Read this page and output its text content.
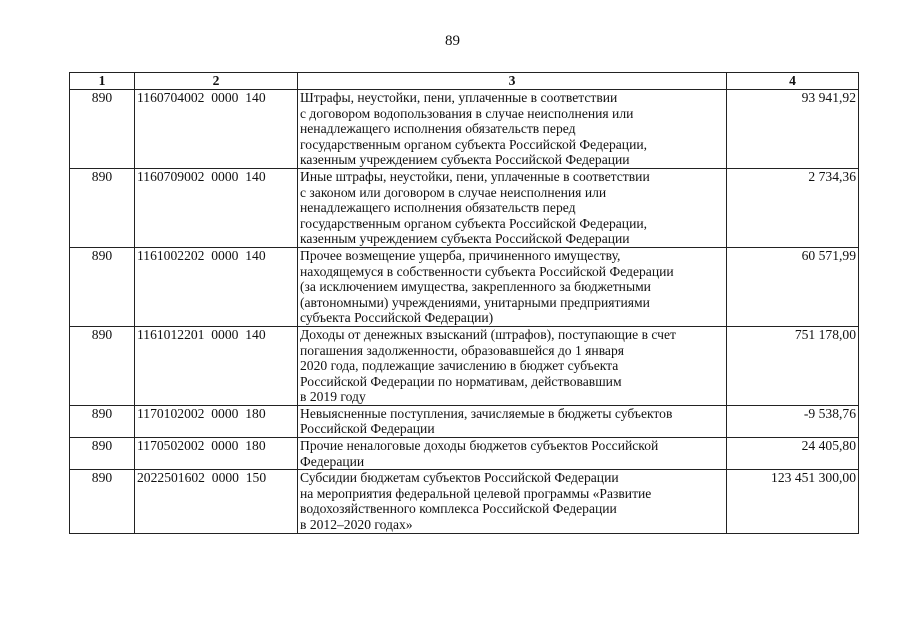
89
1	2	3	4
890	1160704002  0000  140	Штрафы, неустойки, пени, уплаченные в соответствии
с договором водопользования в случае неисполнения или
ненадлежащего исполнения обязательств перед
государственным органом субъекта Российской Федерации,
казенным учреждением субъекта Российской Федерации	93 941,92
890	1160709002  0000  140	Иные штрафы, неустойки, пени, уплаченные в соответствии
с законом или договором в случае неисполнения или
ненадлежащего исполнения обязательств перед
государственным органом субъекта Российской Федерации,
казенным учреждением субъекта Российской Федерации	2 734,36
890	1161002202  0000  140	Прочее возмещение ущерба, причиненного имуществу,
находящемуся в собственности субъекта Российской Федерации
(за исключением имущества, закрепленного за бюджетными
(автономными) учреждениями, унитарными предприятиями
субъекта Российской Федерации)	60 571,99
890	1161012201  0000  140	Доходы от денежных взысканий (штрафов), поступающие в счет
погашения задолженности, образовавшейся до 1 января
2020 года, подлежащие зачислению в бюджет субъекта
Российской Федерации по нормативам, действовавшим
в 2019 году	751 178,00
890	1170102002  0000  180	Невыясненные поступления, зачисляемые в бюджеты субъектов
Российской Федерации	-9 538,76
890	1170502002  0000  180	Прочие неналоговые доходы бюджетов субъектов Российской
Федерации	24 405,80
890	2022501602  0000  150	Субсидии бюджетам субъектов Российской Федерации
на мероприятия федеральной целевой программы «Развитие
водохозяйственного комплекса Российской Федерации
в 2012–2020 годах»	123 451 300,00
